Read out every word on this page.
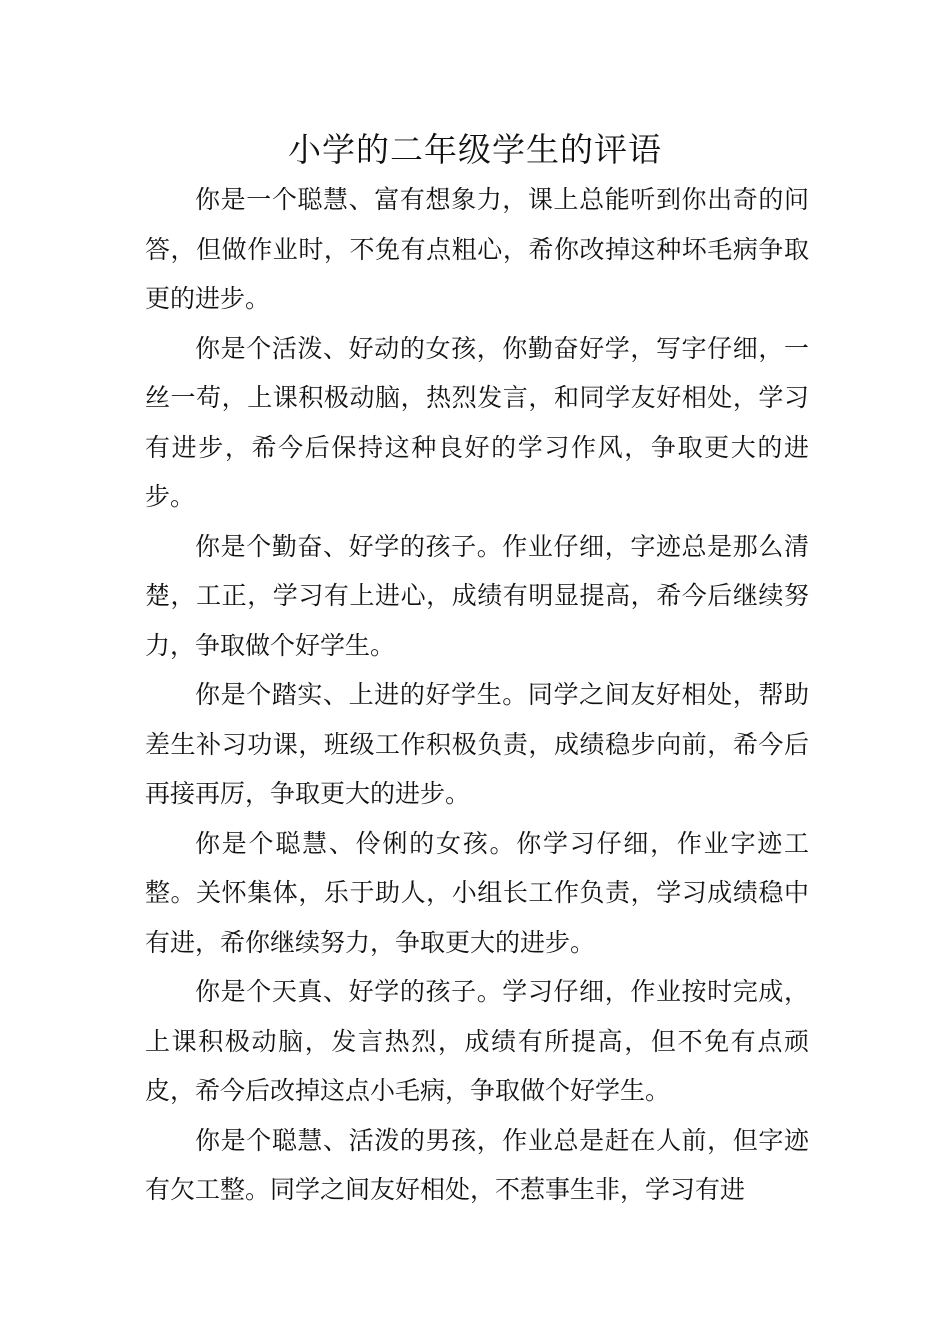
小学的二年级学生的评语

你是一个聪慧、富有想象力，课上总能听到你出奇的问答，但做作业时，不免有点粗心，希你改掉这种坏毛病争取更的进步。

你是个活泼、好动的女孩，你勤奋好学，写字仔细，一丝一苟，上课积极动脑，热烈发言，和同学友好相处，学习有进步，希今后保持这种良好的学习作风，争取更大的进步。

你是个勤奋、好学的孩子。作业仔细，字迹总是那么清楚，工正，学习有上进心，成绩有明显提高，希今后继续努力，争取做个好学生。

你是个踏实、上进的好学生。同学之间友好相处，帮助差生补习功课，班级工作积极负责，成绩稳步向前，希今后再接再厉，争取更大的进步。

你是个聪慧、伶俐的女孩。你学习仔细，作业字迹工整。关怀集体，乐于助人，小组长工作负责，学习成绩稳中有进，希你继续努力，争取更大的进步。

你是个天真、好学的孩子。学习仔细，作业按时完成，上课积极动脑，发言热烈，成绩有所提高，但不免有点顽皮，希今后改掉这点小毛病，争取做个好学生。

你是个聪慧、活泼的男孩，作业总是赶在人前，但字迹有欠工整。同学之间友好相处，不惹事生非，学习有进
